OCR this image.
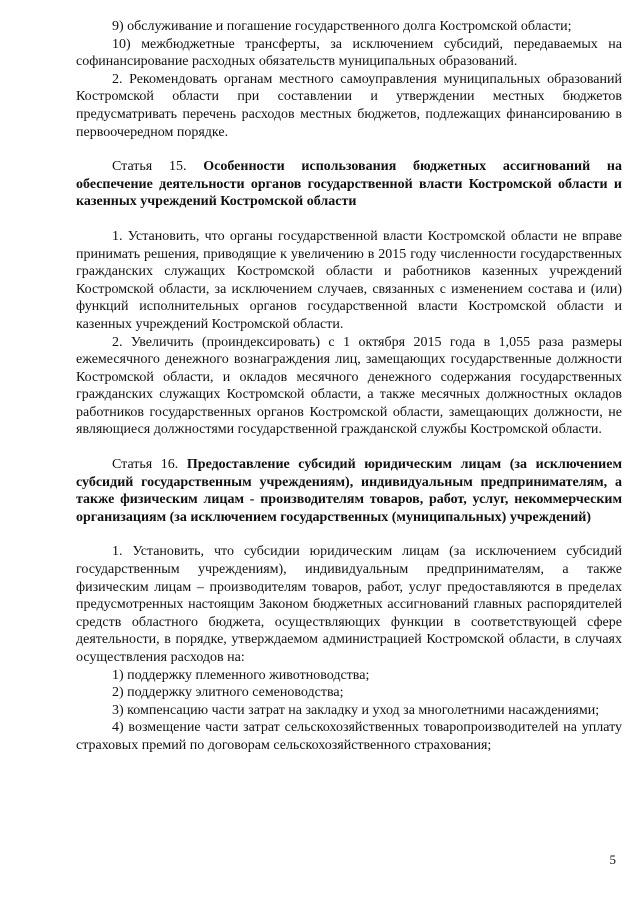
9) обслуживание и погашение государственного долга Костромской области;

10) межбюджетные трансферты, за исключением субсидий, передаваемых на софинансирование расходных обязательств муниципальных образований.

2. Рекомендовать органам местного самоуправления муниципальных образований Костромской области при составлении и утверждении местных бюджетов предусматривать перечень расходов местных бюджетов, подлежащих финансированию в первоочередном порядке.

Статья 15. Особенности использования бюджетных ассигнований на обеспечение деятельности органов государственной власти Костромской области и казенных учреждений Костромской области

1. Установить, что органы государственной власти Костромской области не вправе принимать решения, приводящие к увеличению в 2015 году численности государственных гражданских служащих Костромской области и работников казенных учреждений Костромской области, за исключением случаев, связанных с изменением состава и (или) функций исполнительных органов государственной власти Костромской области и казенных учреждений Костромской области.

2. Увеличить (проиндексировать) с 1 октября 2015 года в 1,055 раза размеры ежемесячного денежного вознаграждения лиц, замещающих государственные должности Костромской области, и окладов месячного денежного содержания государственных гражданских служащих Костромской области, а также месячных должностных окладов работников государственных органов Костромской области, замещающих должности, не являющиеся должностями государственной гражданской службы Костромской области.

Статья 16. Предоставление субсидий юридическим лицам (за исключением субсидий государственным учреждениям), индивидуальным предпринимателям, а также физическим лицам - производителям товаров, работ, услуг, некоммерческим организациям (за исключением государственных (муниципальных) учреждений)

1. Установить, что субсидии юридическим лицам (за исключением субсидий государственным учреждениям), индивидуальным предпринимателям, а также физическим лицам – производителям товаров, работ, услуг предоставляются в пределах предусмотренных настоящим Законом бюджетных ассигнований главных распорядителей средств областного бюджета, осуществляющих функции в соответствующей сфере деятельности, в порядке, утверждаемом администрацией Костромской области, в случаях осуществления расходов на:

1) поддержку племенного животноводства;

2) поддержку элитного семеноводства;

3) компенсацию части затрат на закладку и уход за многолетними насаждениями;

4) возмещение части затрат сельскохозяйственных товаропроизводителей на уплату страховых премий по договорам сельскохозяйственного страхования;

5
